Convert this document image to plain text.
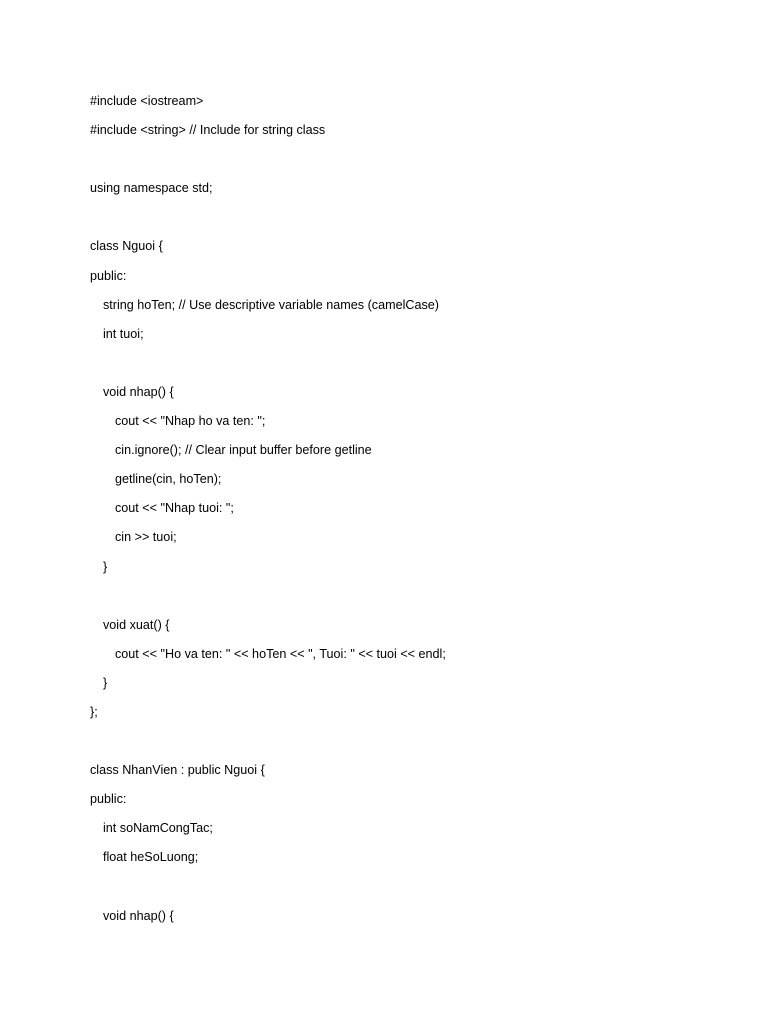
#include <iostream>
#include <string> // Include for string class
using namespace std;
class Nguoi {
public:
string hoTen; // Use descriptive variable names (camelCase)
int tuoi;
void nhap() {
cout << "Nhap ho va ten: ";
cin.ignore(); // Clear input buffer before getline
getline(cin, hoTen);
cout << "Nhap tuoi: ";
cin >> tuoi;
}
void xuat() {
cout << "Ho va ten: " << hoTen << ", Tuoi: " << tuoi << endl;
}
};
class NhanVien : public Nguoi {
public:
int soNamCongTac;
float heSoLuong;
void nhap() {
